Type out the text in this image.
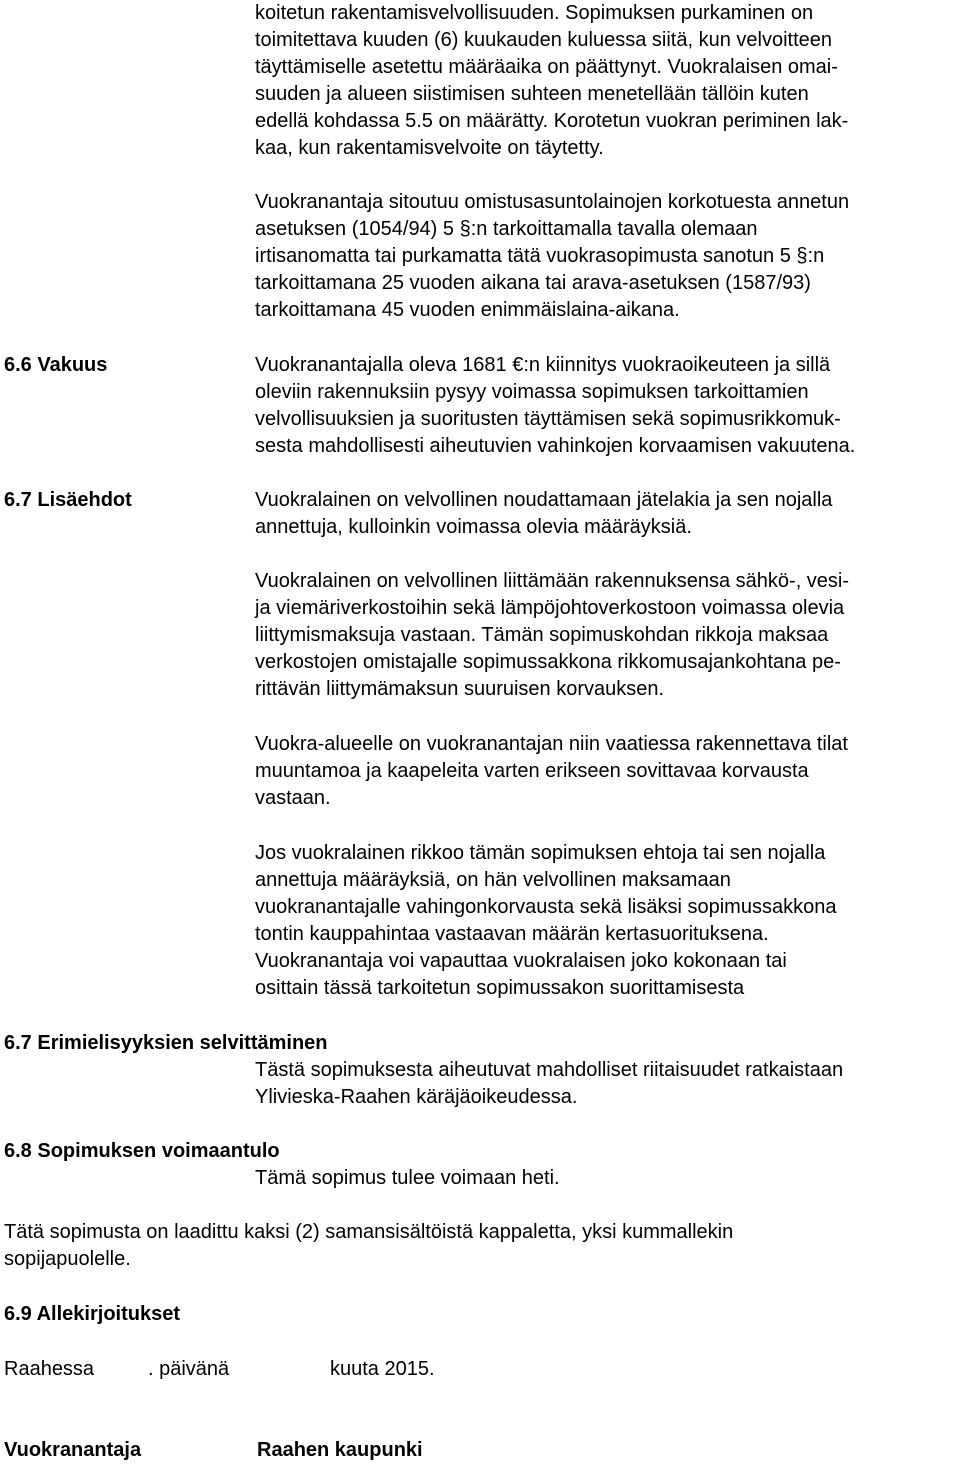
koitetun rakentamisvelvollisuuden. Sopimuksen purkaminen on
toimitettava kuuden (6) kuukauden kuluessa siitä, kun velvoitteen
täyttämiselle asetettu määräaika on päättynyt. Vuokralaisen omai-
suuden ja alueen siistimisen suhteen menetellään tällöin kuten
edellä kohdassa 5.5 on määrätty. Korotetun vuokran periminen lak-
kaa, kun rakentamisvelvoite on täytetty.

Vuokranantaja sitoutuu omistusasuntolainojen korkotuesta annetun
asetuksen (1054/94) 5 §:n tarkoittamalla tavalla olemaan
irtisanomatta tai purkamatta tätä vuokrasopimusta sanotun 5 §:n
tarkoittamana 25 vuoden aikana tai arava-asetuksen (1587/93)
tarkoittamana 45 vuoden enimmäislaina-aikana.

6.6 Vakuus	Vuokranantajalla oleva 1681 €:n kiinnitys vuokraoikeuteen ja sillä
oleviin rakennuksiin pysyy voimassa sopimuksen tarkoittamien
velvollisuuksien ja suoritusten täyttämisen sekä sopimusrikkomuk-
sesta mahdollisesti aiheutuvien vahinkojen korvaamisen vakuutena.

6.7 Lisäehdot	Vuokralainen on velvollinen noudattamaan jätelakia ja sen nojalla
annettuja, kulloinkin voimassa olevia määräyksiä.

Vuokralainen on velvollinen liittämään rakennuksensa sähkö-, vesi-
ja viemäriverkostoihin sekä lämpöjohtoverkostoon voimassa olevia
liittymismaksuja vastaan. Tämän sopimuskohdan rikkoja maksaa
verkostojen omistajalle sopimussakkona rikkomusajankohtana pe-
rittävän liittymämaksun suuruisen korvauksen.

Vuokra-alueelle on vuokranantajan niin vaatiessa rakennettava tilat
muuntamoa ja kaapeleita varten erikseen sovittavaa korvausta
vastaan.

Jos vuokralainen rikkoo tämän sopimuksen ehtoja tai sen nojalla
annettuja määräyksiä, on hän velvollinen maksamaan
vuokranantajalle vahingonkorvausta sekä lisäksi sopimussakkona
tontin kauppahintaa vastaavan määrän kertasuorituksena.
Vuokranantaja voi vapauttaa vuokralaisen joko kokonaan tai
osittain tässä tarkoitetun sopimussakon suorittamisesta

6.7 Erimielisyyksien selvittäminen

Tästä sopimuksesta aiheutuvat mahdolliset riitaisuudet ratkaistaan
Ylivieska-Raahen käräjäoikeudessa.

6.8 Sopimuksen voimaantulo

Tämä sopimus tulee voimaan heti.

Tätä sopimusta on laadittu kaksi (2) samansisältöistä kappaletta, yksi kummallekin
sopijapuolelle.

6.9 Allekirjoitukset

Raahessa	. päivänä	kuuta 2015.
Vuokranantaja	Raahen kaupunki
